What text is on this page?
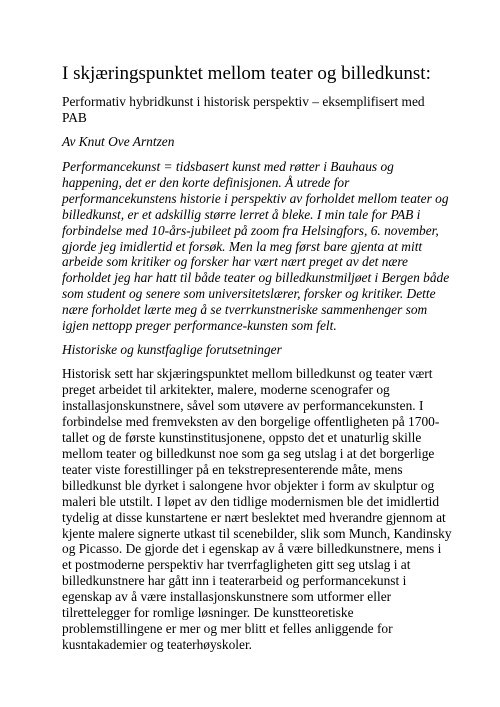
I skjæringspunktet mellom teater og billedkunst:

Performativ hybridkunst i historisk perspektiv – eksemplifisert med PAB

Av Knut Ove Arntzen

Performancekunst = tidsbasert kunst med røtter i Bauhaus og happening, det er den korte definisjonen. Å utrede for performancekunstens historie i perspektiv av forholdet mellom teater og billedkunst, er et adskillig større lerret å bleke. I min tale for PAB i forbindelse med 10-års-jubileet på zoom fra Helsingfors, 6. november, gjorde jeg imidlertid et forsøk. Men la meg først bare gjenta at mitt arbeide som kritiker og forsker har vært nært preget av det nære forholdet jeg har hatt til både teater og billedkunstmiljøet i Bergen både som student og senere som universitetslærer, forsker og kritiker. Dette nære forholdet lærte meg å se tverrkunstneriske sammenhenger som igjen nettopp preger performance-kunsten som felt.

Historiske og kunstfaglige forutsetninger

Historisk sett har skjæringspunktet mellom billedkunst og teater vært preget arbeidet til arkitekter, malere, moderne scenografer og installasjonskunstnere, såvel som utøvere av performancekunsten. I forbindelse med fremveksten av den borgelige offentligheten på 1700-tallet og de første kunstinstitusjonene, oppsto det et unaturlig skille mellom teater og billedkunst noe som ga seg utslag i at det borgerlige teater viste forestillinger på en tekstrepresenterende måte, mens billedkunst ble dyrket i salongene hvor objekter i form av skulptur og maleri ble utstilt. I løpet av den tidlige modernismen ble det imidlertid tydelig at disse kunstartene er nært beslektet med hverandre gjennom at kjente malere signerte utkast til scenebilder, slik som Munch, Kandinsky og Picasso. De gjorde det i egenskap av å være billedkunstnere, mens i et postmoderne perspektiv har tverrfagligheten gitt seg utslag i at billedkunstnere har gått inn i teaterarbeid og performancekunst i egenskap av å være installasjonskunstnere som utformer eller tilrettelegger for romlige løsninger. De kunstteoretiske problemstillingene er mer og mer blitt et felles anliggende for kusntakademier og teaterhøyskoler.
